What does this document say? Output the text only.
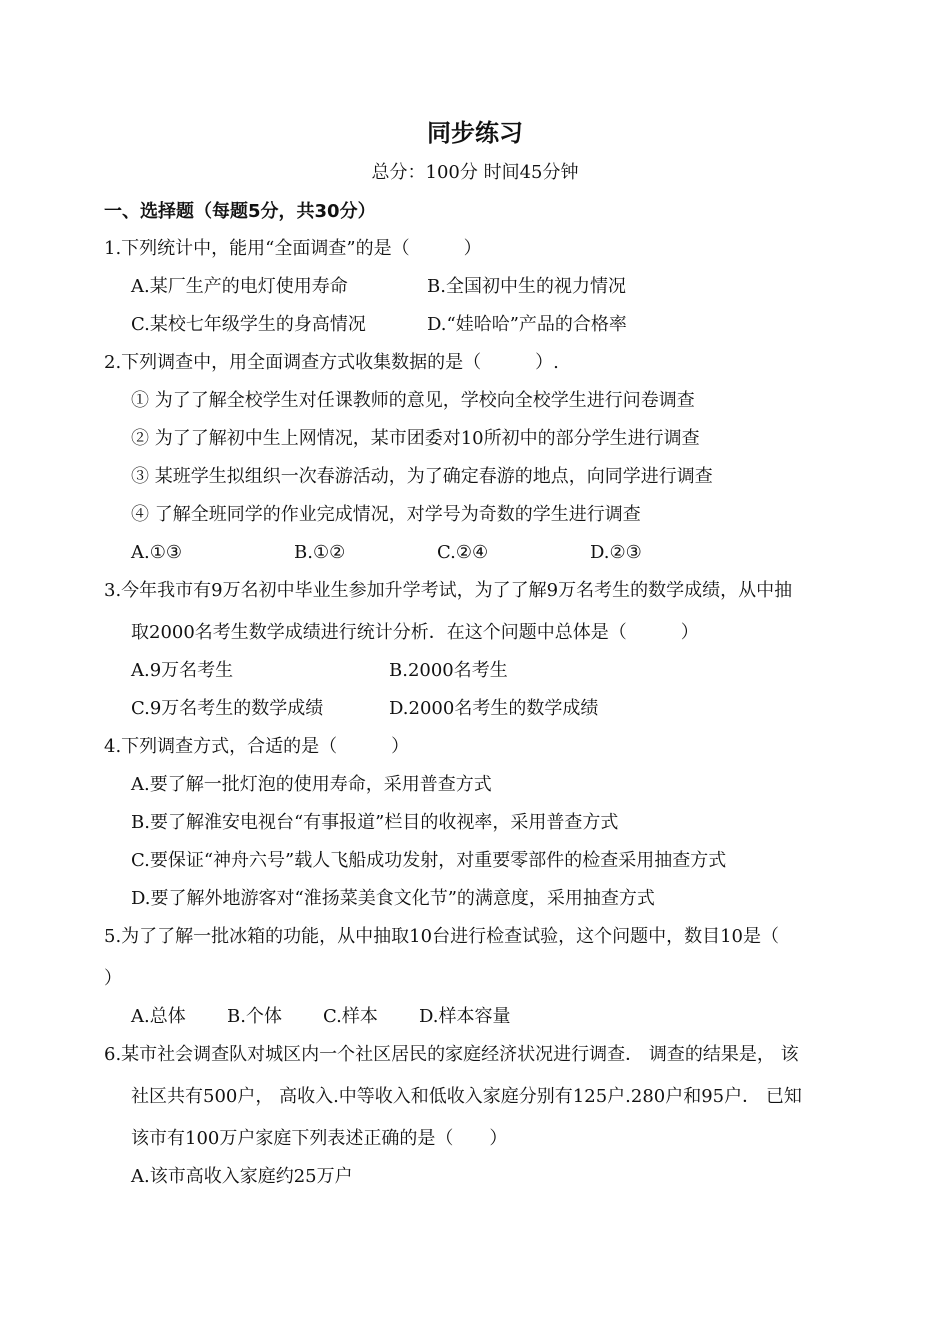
同步练习
总分：100分 时间45分钟
一、选择题（每题5分，共30分）
1.下列统计中，能用“全面调查”的是（　　　）
A.某厂生产的电灯使用寿命	B.全国初中生的视力情况
C.某校七年级学生的身高情况	D.“娃哈哈”产品的合格率
2.下列调查中，用全面调查方式收集数据的是（　　　）.
① 为了了解全校学生对任课教师的意见，学校向全校学生进行问卷调查
② 为了了解初中生上网情况，某市团委对10所初中的部分学生进行调查
③ 某班学生拟组织一次春游活动，为了确定春游的地点，向同学进行调查
④ 了解全班同学的作业完成情况，对学号为奇数的学生进行调查
A.①③	B.①②	C.②④	D.②③
3.今年我市有9万名初中毕业生参加升学考试，为了了解9万名考生的数学成绩，从中抽
取2000名考生数学成绩进行统计分析．在这个问题中总体是（　　　）
A.9万名考生	B.2000名考生
C.9万名考生的数学成绩	D.2000名考生的数学成绩
4.下列调查方式，合适的是（　　　）
A.要了解一批灯泡的使用寿命，采用普查方式
B.要了解淮安电视台“有事报道”栏目的收视率，采用普查方式
C.要保证“神舟六号”载人飞船成功发射，对重要零部件的检查采用抽查方式
D.要了解外地游客对“淮扬菜美食文化节”的满意度，采用抽查方式
5.为了了解一批冰箱的功能，从中抽取10台进行检查试验，这个问题中，数目10是（
）
A.总体 B.个体 C.样本 D.样本容量
6.某市社会调查队对城区内一个社区居民的家庭经济状况进行调查． 调查的结果是， 该
社区共有500户， 高收入.中等收入和低收入家庭分别有125户.280户和95户． 已知
该市有100万户家庭下列表述正确的是（　　）
A.该市高收入家庭约25万户
